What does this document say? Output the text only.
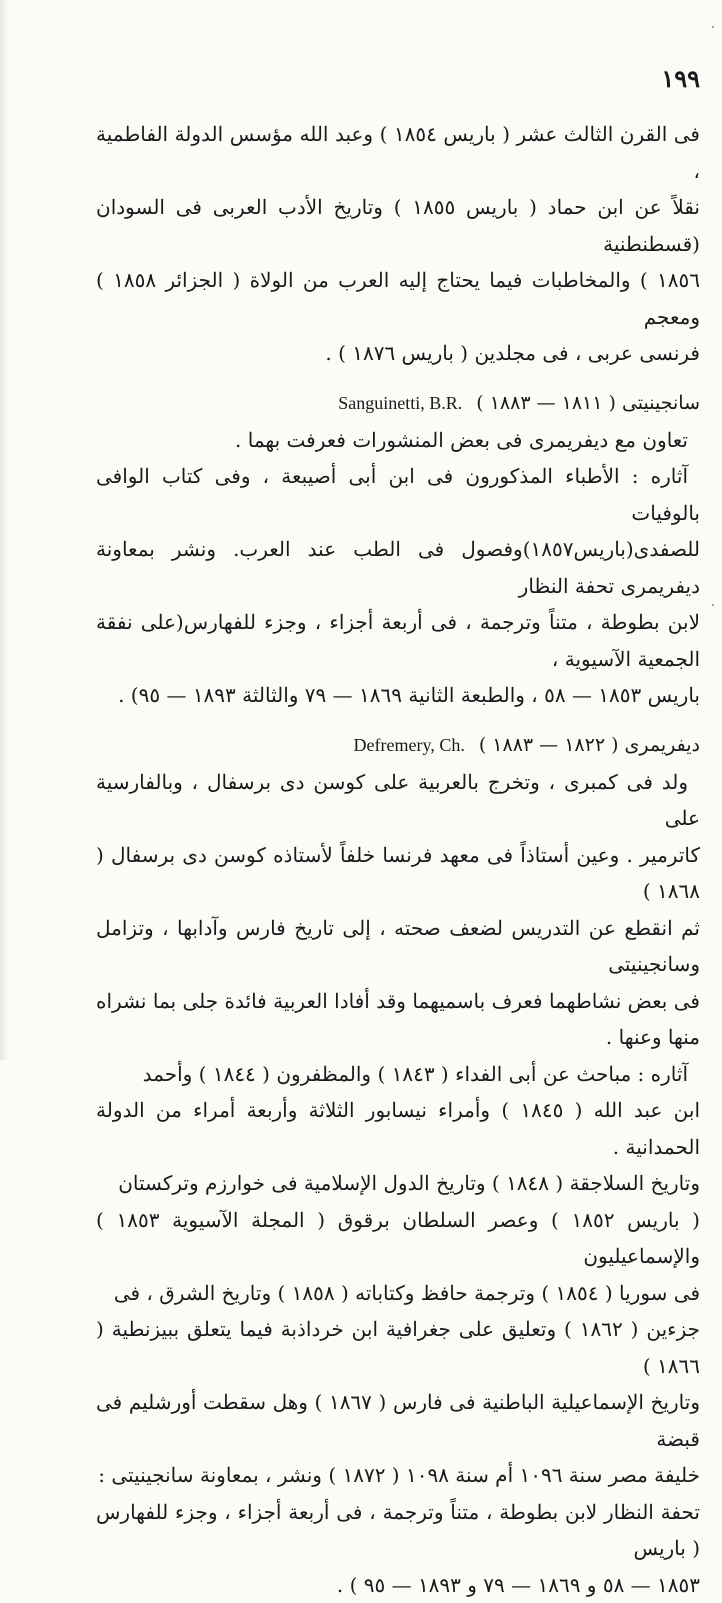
١٩٩
فى القرن الثالث عشر ( باريس ١٨٥٤ ) وعبد الله مؤسس الدولة الفاطمية ،
نقلاً عن ابن حماد ( باريس ١٨٥٥ ) وتاريخ الأدب العربى فى السودان (قسطنطنية
١٨٥٦ ) والمخاطبات فيما يحتاج إليه العرب من الولاة ( الجزائر ١٨٥٨ ) ومعجم
فرنسى عربى ، فى مجلدين ( باريس ١٨٧٦ ) .
سانجينيتى ( ١٨١١ — ١٨٨٣ )
Sanguinetti, B.R.
تعاون مع ديفريمرى فى بعض المنشورات فعرفت بهما .
آثاره : الأطباء المذكورون فى ابن أبى أصيبعة ، وفى كتاب الوافى بالوفيات
للصفدى(باريس١٨٥٧)وفصول فى الطب عند العرب. ونشر بمعاونة ديفريمرى تحفة النظار
لابن بطوطة ، متناً وترجمة ، فى أربعة أجزاء ، وجزء للفهارس(على نفقة الجمعية الآسيوية ،
باريس ١٨٥٣ — ٥٨ ، والطبعة الثانية ١٨٦٩ — ٧٩ والثالثة ١٨٩٣ — ٩٥) .
ديفريمرى ( ١٨٢٢ — ١٨٨٣ )
Defremery, Ch.
ولد فى كمبرى ، وتخرج بالعربية على كوسن دى برسفال ، وبالفارسية على
كاترمير . وعين أستاذاً فى معهد فرنسا خلفاً لأستاذه كوسن دى برسفال ( ١٨٦٨ )
ثم انقطع عن التدريس لضعف صحته ، إلى تاريخ فارس وآدابها ، وتزامل وسانجينيتى
فى بعض نشاطهما فعرف باسميهما وقد أفادا العربية فائدة جلى بما نشراه منها وعنها .
آثاره : مباحث عن أبى الفداء ( ١٨٤٣ ) والمظفرون ( ١٨٤٤ ) وأحمد
ابن عبد الله ( ١٨٤٥ ) وأمراء نيسابور الثلاثة وأربعة أمراء من الدولة الحمدانية .
وتاريخ السلاجقة ( ١٨٤٨ ) وتاريخ الدول الإسلامية فى خوارزم وتركستان
( باريس ١٨٥٢ ) وعصر السلطان برقوق ( المجلة الآسيوية ١٨٥٣ ) والإسماعيليون
فى سوريا ( ١٨٥٤ ) وترجمة حافظ وكتاباته ( ١٨٥٨ ) وتاريخ الشرق ، فى
جزءين ( ١٨٦٢ ) وتعليق على جغرافية ابن خرداذبة فيما يتعلق ببيزنطية ( ١٨٦٦ )
وتاريخ الإسماعيلية الباطنية فى فارس ( ١٨٦٧ ) وهل سقطت أورشليم فى قبضة
خليفة مصر سنة ١٠٩٦ أم سنة ١٠٩٨ ( ١٨٧٢ ) ونشر ، بمعاونة سانجينيتى :
تحفة النظار لابن بطوطة ، متناً وترجمة ، فى أربعة أجزاء ، وجزء للفهارس ( باريس
١٨٥٣ — ٥٨ و ١٨٦٩ — ٧٩ و ١٨٩٣ — ٩٥ ) .
